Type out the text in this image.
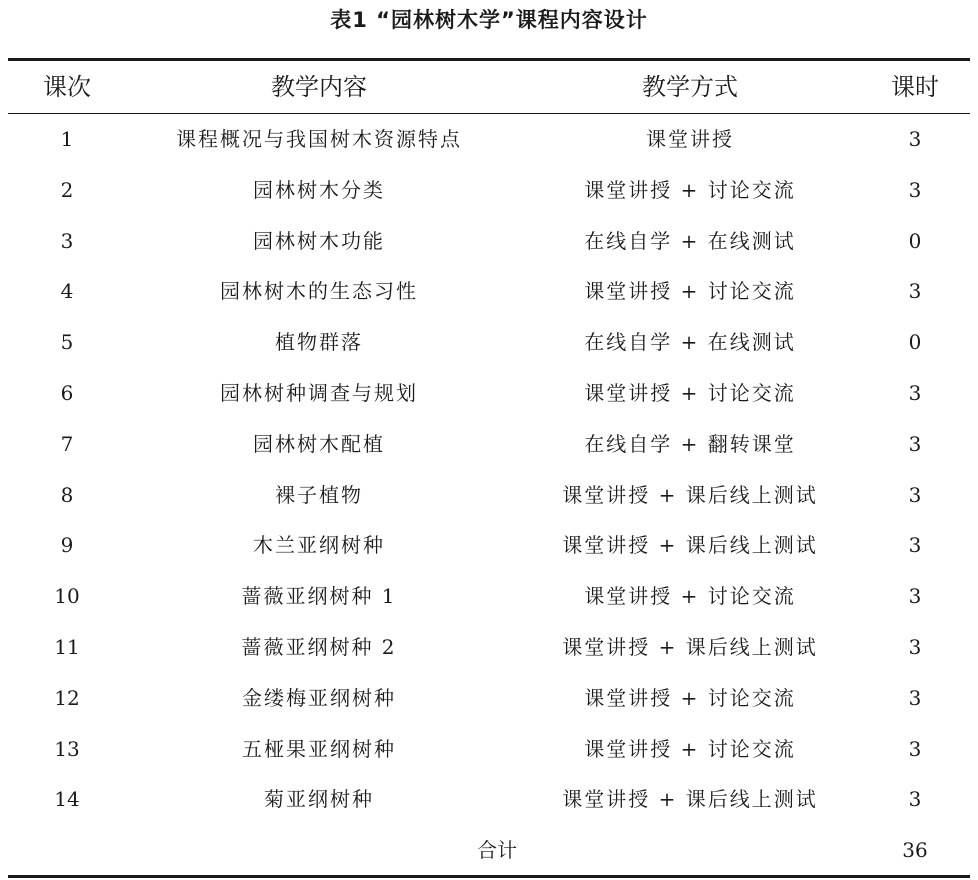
表1 “园林树木学”课程内容设计
课次	教学内容	教学方式	课时
1	课程概况与我国树木资源特点	课堂讲授	3
2	园林树木分类	课堂讲授 + 讨论交流	3
3	园林树木功能	在线自学 + 在线测试	0
4	园林树木的生态习性	课堂讲授 + 讨论交流	3
5	植物群落	在线自学 + 在线测试	0
6	园林树种调查与规划	课堂讲授 + 讨论交流	3
7	园林树木配植	在线自学 + 翻转课堂	3
8	裸子植物	课堂讲授 + 课后线上测试	3
9	木兰亚纲树种	课堂讲授 + 课后线上测试	3
10	蔷薇亚纲树种 1	课堂讲授 + 讨论交流	3
11	蔷薇亚纲树种 2	课堂讲授 + 课后线上测试	3
12	金缕梅亚纲树种	课堂讲授 + 讨论交流	3
13	五桠果亚纲树种	课堂讲授 + 讨论交流	3
14	菊亚纲树种	课堂讲授 + 课后线上测试	3
合计	36
